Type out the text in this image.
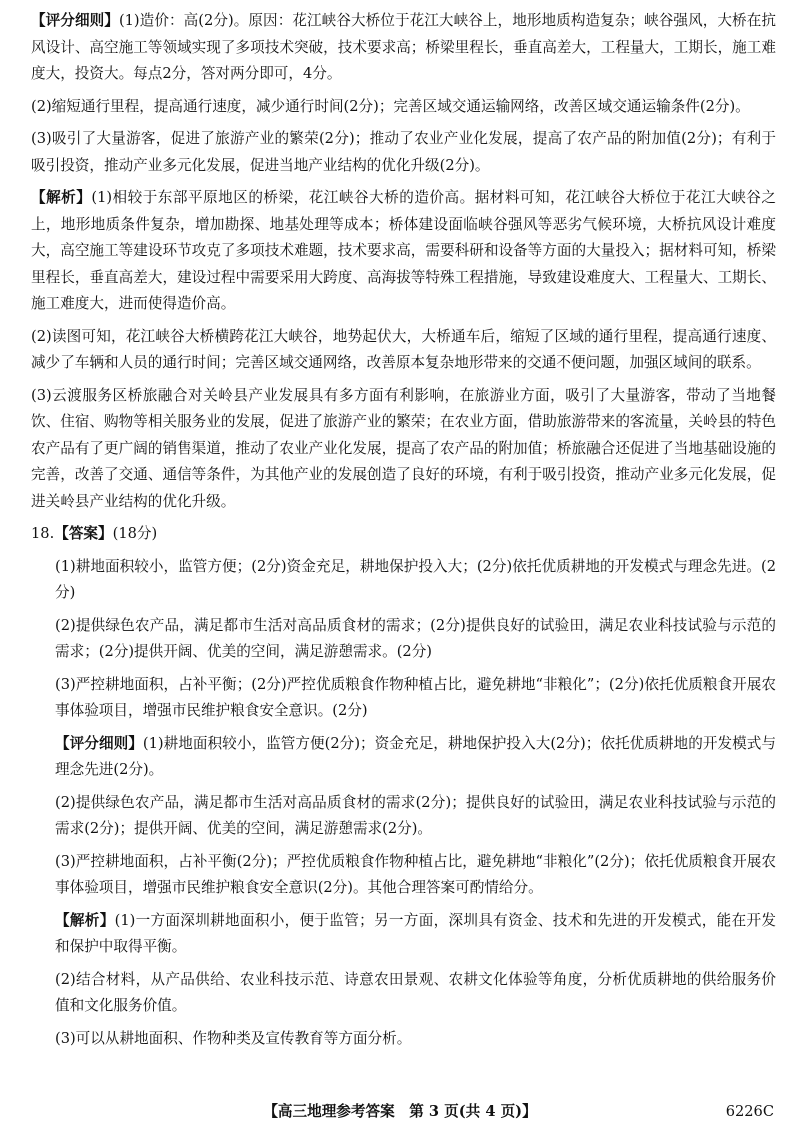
【 评分细则 】 (1)造价：高(2分)。原因：花江峡谷大桥位于花江大峡谷上，地形地质构造复杂；峡谷强风，大桥在抗风设计、高空施工等领域实现了多项技术突破，技术要求高；桥梁里程长，垂直高差大，工程量大，工期长，施工难度大，投资大。每点2分，答对两分即可，4分。

(2)缩短通行里程，提高通行速度，减少通行时间(2分)；完善区域交通运输网络，改善区域交通运输条件(2分)。

(3)吸引了大量游客，促进了旅游产业的繁荣(2分)；推动了农业产业化发展，提高了农产品的附加值(2分)；有利于吸引投资，推动产业多元化发展，促进当地产业结构的优化升级(2分)。

【 解析 】 (1)相较于东部平原地区的桥梁，花江峡谷大桥的造价高。据材料可知，花江峡谷大桥位于花江大峡谷之上，地形地质条件复杂，增加勘探、地基处理等成本；桥体建设面临峡谷强风等恶劣气候环境，大桥抗风设计难度大，高空施工等建设环节攻克了多项技术难题，技术要求高，需要科研和设备等方面的大量投入；据材料可知，桥梁里程长，垂直高差大，建设过程中需要采用大跨度、高海拔等特殊工程措施，导致建设难度大、工程量大、工期长、施工难度大，进而使得造价高。

(2)读图可知，花江峡谷大桥横跨花江大峡谷，地势起伏大，大桥通车后，缩短了区域的通行里程，提高通行速度、减少了车辆和人员的通行时间；完善区域交通网络，改善原本复杂地形带来的交通不便问题，加强区域间的联系。

(3)云渡服务区桥旅融合对关岭县产业发展具有多方面有利影响，在旅游业方面，吸引了大量游客，带动了当地餐饮、住宿、购物等相关服务业的发展，促进了旅游产业的繁荣；在农业方面，借助旅游带来的客流量，关岭县的特色农产品有了更广阔的销售渠道，推动了农业产业化发展，提高了农产品的附加值；桥旅融合还促进了当地基础设施的完善，改善了交通、通信等条件，为其他产业的发展创造了良好的环境，有利于吸引投资，推动产业多元化发展，促进关岭县产业结构的优化升级。

18.【 答案 】 (18分)

(1)耕地面积较小，监管方便；(2分)资金充足，耕地保护投入大；(2分)依托优质耕地的开发模式与理念先进。(2分)

(2)提供绿色农产品，满足都市生活对高品质食材的需求；(2分)提供良好的试验田，满足农业科技试验与示范的需求；(2分)提供开阔、优美的空间，满足游憩需求。(2分)

(3)严控耕地面积，占补平衡；(2分)严控优质粮食作物种植占比，避免耕地“非粮化”；(2分)依托优质粮食开展农事体验项目，增强市民维护粮食安全意识。(2分)

【 评分细则 】 (1)耕地面积较小，监管方便(2分)；资金充足，耕地保护投入大(2分)；依托优质耕地的开发模式与理念先进(2分)。

(2)提供绿色农产品，满足都市生活对高品质食材的需求(2分)；提供良好的试验田，满足农业科技试验与示范的需求(2分)；提供开阔、优美的空间，满足游憩需求(2分)。

(3)严控耕地面积，占补平衡(2分)；严控优质粮食作物种植占比，避免耕地“非粮化”(2分)；依托优质粮食开展农事体验项目，增强市民维护粮食安全意识(2分)。其他合理答案可酌情给分。

【 解析 】 (1)一方面深圳耕地面积小，便于监管；另一方面，深圳具有资金、技术和先进的开发模式，能在开发和保护中取得平衡。

(2)结合材料，从产品供给、农业科技示范、诗意农田景观、农耕文化体验等角度，分析优质耕地的供给服务价值和文化服务价值。

(3)可以从耕地面积、作物种类及宣传教育等方面分析。

【高三地理参考答案　第 3 页(共 4 页)】	6226C
